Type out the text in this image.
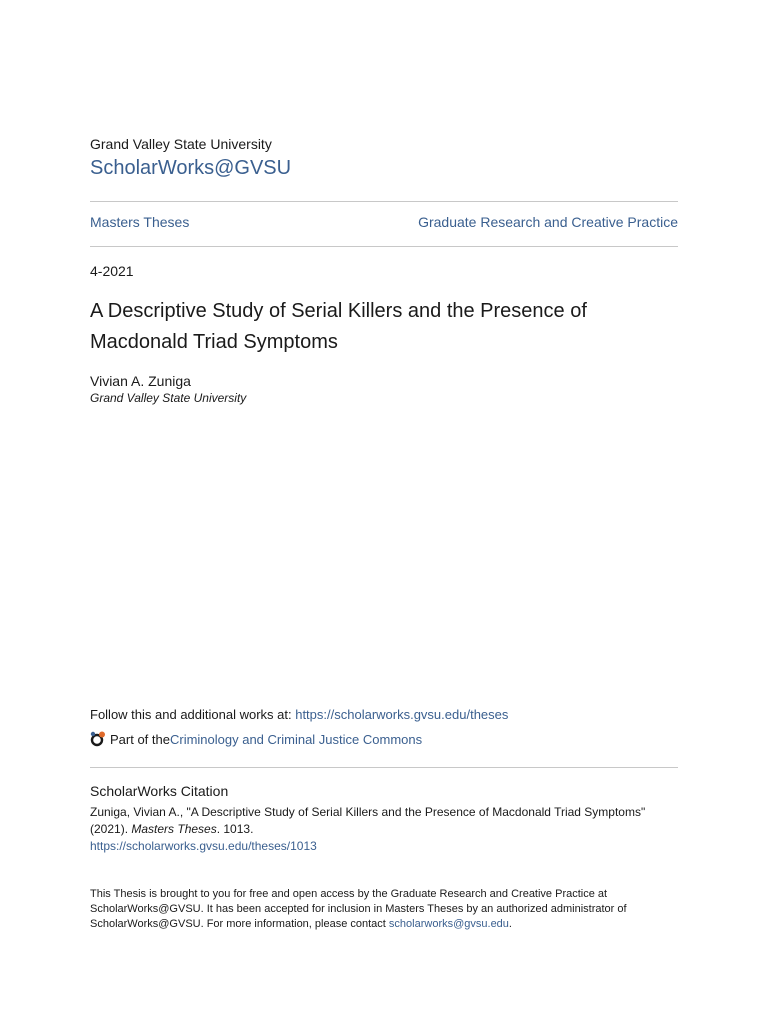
Grand Valley State University
ScholarWorks@GVSU
Masters Theses	Graduate Research and Creative Practice
4-2021
A Descriptive Study of Serial Killers and the Presence of Macdonald Triad Symptoms
Vivian A. Zuniga
Grand Valley State University
Follow this and additional works at: https://scholarworks.gvsu.edu/theses
Part of the Criminology and Criminal Justice Commons
ScholarWorks Citation
Zuniga, Vivian A., "A Descriptive Study of Serial Killers and the Presence of Macdonald Triad Symptoms" (2021). Masters Theses. 1013.
https://scholarworks.gvsu.edu/theses/1013
This Thesis is brought to you for free and open access by the Graduate Research and Creative Practice at ScholarWorks@GVSU. It has been accepted for inclusion in Masters Theses by an authorized administrator of ScholarWorks@GVSU. For more information, please contact scholarworks@gvsu.edu.
